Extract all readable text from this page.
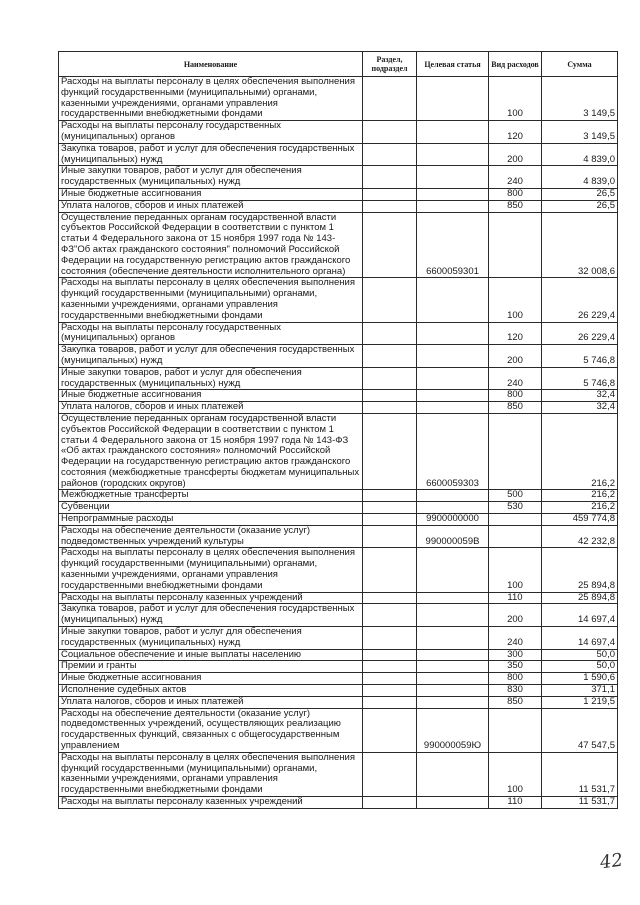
Наименование	Раздел, подраздел	Целевая статья	Вид расходов	Сумма
Расходы на выплаты персоналу в целях обеспечения выполнения функций государственными (муниципальными) органами, казенными учреждениями, органами управления государственными внебюджетными фондами			100	3 149,5
Расходы на выплаты персоналу государственных (муниципальных) органов			120	3 149,5
Закупка товаров, работ и услуг для обеспечения государственных (муниципальных) нужд			200	4 839,0
Иные закупки товаров, работ и услуг для обеспечения государственных (муниципальных) нужд			240	4 839,0
Иные бюджетные ассигнования			800	26,5
Уплата налогов, сборов и иных платежей			850	26,5
Осуществление переданных органам государственной власти субъектов Российской Федерации в соответствии с пунктом 1 статьи 4 Федерального закона от 15 ноября 1997 года № 143-ФЗ"Об актах гражданского состояния" полномочий Российской Федерации на государственную регистрацию актов гражданского состояния (обеспечение деятельности исполнительного органа)		6600059301		32 008,6
Расходы на выплаты персоналу в целях обеспечения выполнения функций государственными (муниципальными) органами, казенными учреждениями, органами управления государственными внебюджетными фондами			100	26 229,4
Расходы на выплаты персоналу государственных (муниципальных) органов			120	26 229,4
Закупка товаров, работ и услуг для обеспечения государственных (муниципальных) нужд			200	5 746,8
Иные закупки товаров, работ и услуг для обеспечения государственных (муниципальных) нужд			240	5 746,8
Иные бюджетные ассигнования			800	32,4
Уплата налогов, сборов и иных платежей			850	32,4
Осуществление переданных органам государственной власти субъектов Российской Федерации в соответствии с пунктом 1 статьи 4 Федерального закона от 15 ноября 1997 года № 143-ФЗ «Об актах гражданского состояния» полномочий Российской Федерации на государственную регистрацию актов гражданского состояния (межбюджетные трансферты бюджетам муниципальных районов (городских округов)		6600059303		216,2
Межбюджетные трансферты			500	216,2
Субвенции			530	216,2
Непрограммные расходы		9900000000		459 774,8
Расходы на обеспечение деятельности (оказание услуг) подведомственных учреждений культуры		990000059В		42 232,8
Расходы на выплаты персоналу в целях обеспечения выполнения функций государственными (муниципальными) органами, казенными учреждениями, органами управления государственными внебюджетными фондами			100	25 894,8
Расходы на выплаты персоналу казенных учреждений			110	25 894,8
Закупка товаров, работ и услуг для обеспечения государственных (муниципальных) нужд			200	14 697,4
Иные закупки товаров, работ и услуг для обеспечения государственных (муниципальных) нужд			240	14 697,4
Социальное обеспечение и иные выплаты населению			300	50,0
Премии и гранты			350	50,0
Иные бюджетные ассигнования			800	1 590,6
Исполнение судебных актов			830	371,1
Уплата налогов, сборов и иных платежей			850	1 219,5
Расходы на обеспечение деятельности (оказание услуг) подведомственных учреждений, осуществляющих реализацию государственных функций, связанных с общегосударственным управлением		990000059Ю		47 547,5
Расходы на выплаты персоналу в целях обеспечения выполнения функций государственными (муниципальными) органами, казенными учреждениями, органами управления государственными внебюджетными фондами			100	11 531,7
Расходы на выплаты персоналу казенных учреждений			110	11 531,7
42
